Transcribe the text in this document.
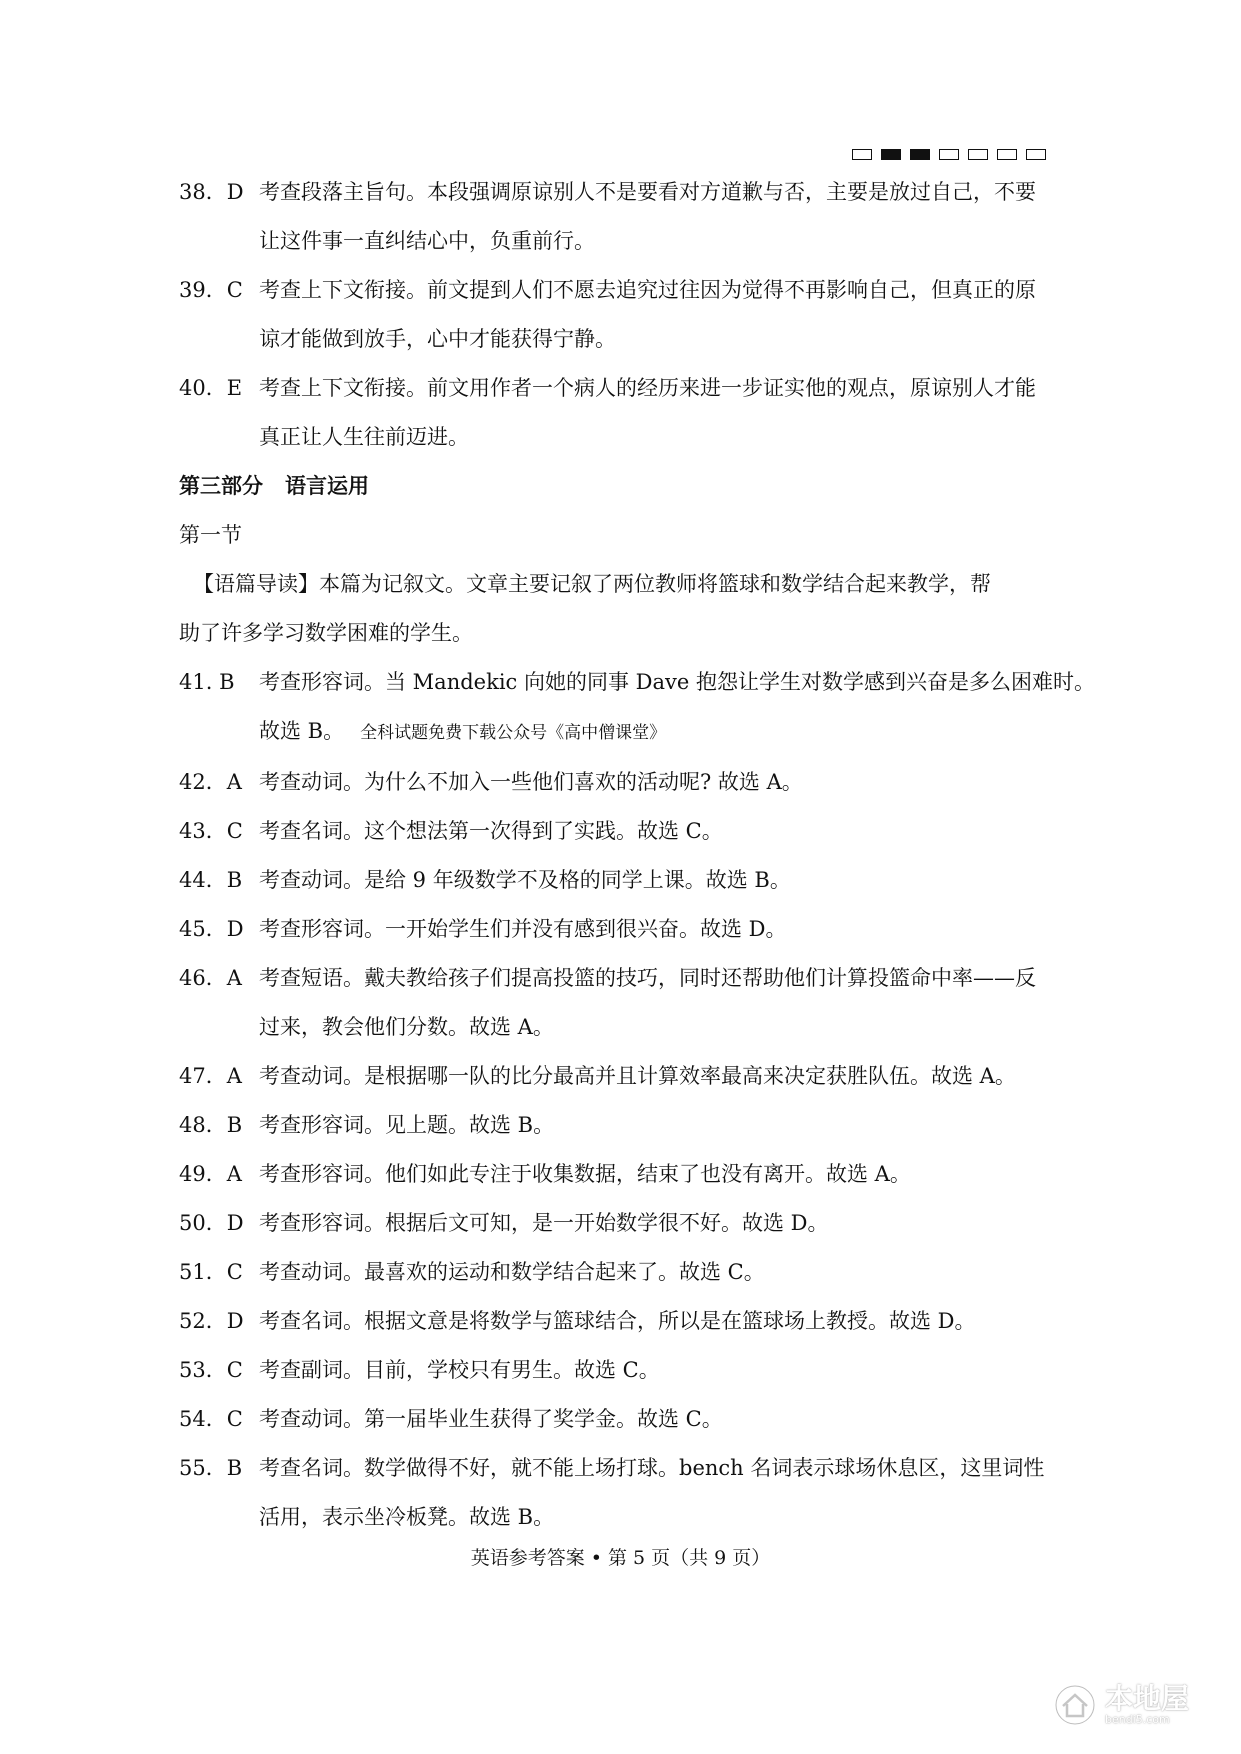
38．D 考查段落主旨句。本段强调原谅别人不是要看对方道歉与否，主要是放过自己，不要
让这件事一直纠结心中，负重前行。
39．C 考查上下文衔接。前文提到人们不愿去追究过往因为觉得不再影响自己，但真正的原
谅才能做到放手，心中才能获得宁静。
40．E 考查上下文衔接。前文用作者一个病人的经历来进一步证实他的观点，原谅别人才能
真正让人生往前迈进。
第三部分 语言运用
第一节
【语篇导读】本篇为记叙文。文章主要记叙了两位教师将篮球和数学结合起来教学，帮
助了许多学习数学困难的学生。
41. B 考查形容词。当 Mandekic 向她的同事 Dave 抱怨让学生对数学感到兴奋是多么困难时。
故选 B。 全科试题免费下载公众号《高中僧课堂》
42．A 考查动词。为什么不加入一些他们喜欢的活动呢? 故选 A。
43．C 考查名词。这个想法第一次得到了实践。故选 C。
44．B 考查动词。是给 9 年级数学不及格的同学上课。故选 B。
45．D 考查形容词。一开始学生们并没有感到很兴奋。故选 D。
46．A 考查短语。戴夫教给孩子们提高投篮的技巧，同时还帮助他们计算投篮命中率——反
过来，教会他们分数。故选 A。
47．A 考查动词。是根据哪一队的比分最高并且计算效率最高来决定获胜队伍。故选 A。
48．B 考查形容词。见上题。故选 B。
49．A 考查形容词。他们如此专注于收集数据，结束了也没有离开。故选 A。
50．D 考查形容词。根据后文可知，是一开始数学很不好。故选 D。
51．C 考查动词。最喜欢的运动和数学结合起来了。故选 C。
52．D 考查名词。根据文意是将数学与篮球结合，所以是在篮球场上教授。故选 D。
53．C 考查副词。目前，学校只有男生。故选 C。
54．C 考查动词。第一届毕业生获得了奖学金。故选 C。
55．B 考查名词。数学做得不好，就不能上场打球。bench 名词表示球场休息区，这里词性
活用，表示坐冷板凳。故选 B。
英语参考答案 • 第 5 页（共 9 页）
本地屋
bendi5.com
